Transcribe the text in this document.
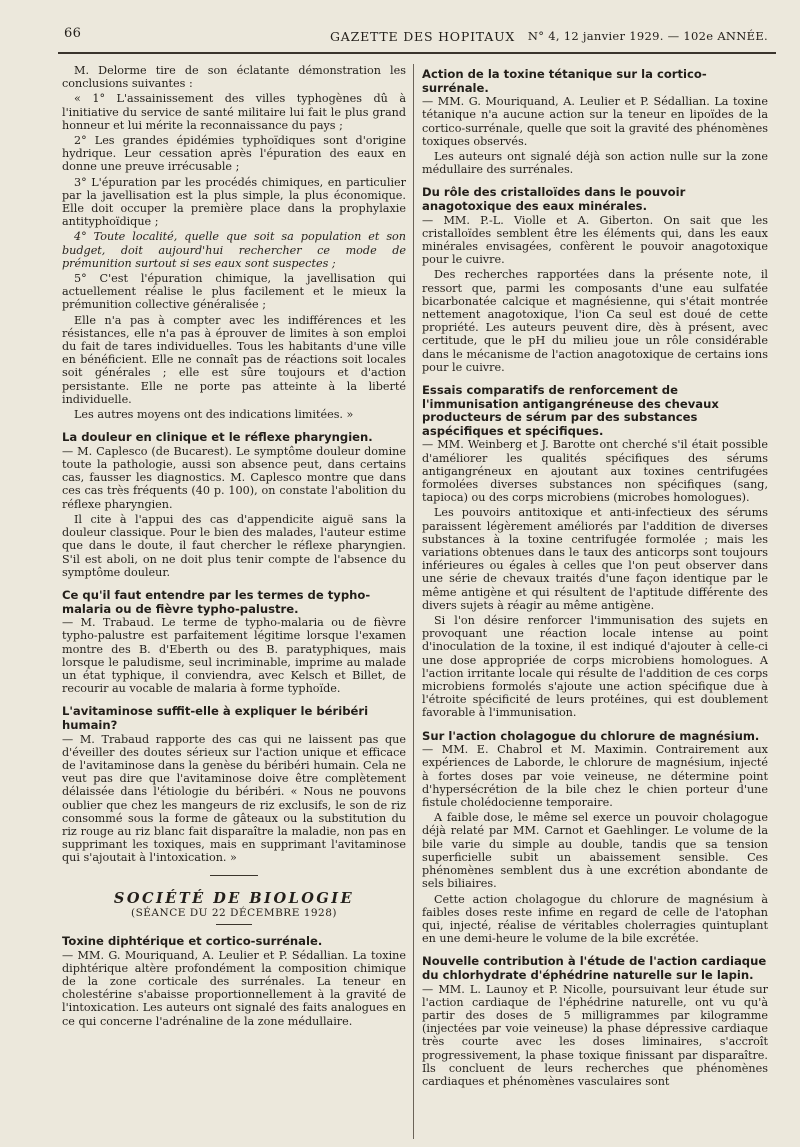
66	GAZETTE DES HOPITAUX N° 4, 12 janvier 1929. — 102e ANNÉE.

M. Delorme tire de son éclatante démonstration les conclusions suivantes :

« 1° L'assainissement des villes typhogènes dû à l'initiative du service de santé militaire lui fait le plus grand honneur et lui mérite la reconnaissance du pays ;

2° Les grandes épidémies typhoïdiques sont d'origine hydrique. Leur cessation après l'épuration des eaux en donne une preuve irrécusable ;

3° L'épuration par les procédés chimiques, en particulier par la javellisation est la plus simple, la plus économique. Elle doit occuper la première place dans la prophylaxie antityphoïdique ;

4° Toute localité, quelle que soit sa population et son budget, doit aujourd'hui rechercher ce mode de prémunition surtout si ses eaux sont suspectes ;

5° C'est l'épuration chimique, la javellisation qui actuellement réalise le plus facilement et le mieux la prémunition collective généralisée ;

Elle n'a pas à compter avec les indifférences et les résistances, elle n'a pas à éprouver de limites à son emploi du fait de tares individuelles. Tous les habitants d'une ville en bénéficient. Elle ne connaît pas de réactions soit locales soit générales ; elle est sûre toujours et d'action persistante. Elle ne porte pas atteinte à la liberté individuelle.

Les autres moyens ont des indications limitées. »

La douleur en clinique et le réflexe pharyngien.

— M. Caplesco (de Bucarest). Le symptôme douleur domine toute la pathologie, aussi son absence peut, dans certains cas, fausser les diagnostics. M. Caplesco montre que dans ces cas très fréquents (40 p. 100), on constate l'abolition du réflexe pharyngien.

Il cite à l'appui des cas d'appendicite aiguë sans la douleur classique. Pour le bien des malades, l'auteur estime que dans le doute, il faut chercher le réflexe pharyngien. S'il est aboli, on ne doit plus tenir compte de l'absence du symptôme douleur.

Ce qu'il faut entendre par les termes de typho-malaria ou de fièvre typho-palustre.

— M. Trabaud. Le terme de typho-malaria ou de fièvre typho-palustre est parfaitement légitime lorsque l'examen montre des B. d'Eberth ou des B. paratyphiques, mais lorsque le paludisme, seul incriminable, imprime au malade un état typhique, il conviendra, avec Kelsch et Billet, de recourir au vocable de malaria à forme typhoïde.

L'avitaminose suffit-elle à expliquer le béribéri humain?

— M. Trabaud rapporte des cas qui ne laissent pas que d'éveiller des doutes sérieux sur l'action unique et efficace de l'avitaminose dans la genèse du béribéri humain. Cela ne veut pas dire que l'avitaminose doive être complètement délaissée dans l'étiologie du béribéri. « Nous ne pouvons oublier que chez les mangeurs de riz exclusifs, le son de riz consommé sous la forme de gâteaux ou la substitution du riz rouge au riz blanc fait disparaître la maladie, non pas en supprimant les toxiques, mais en supprimant l'avitaminose qui s'ajoutait à l'intoxication. »

SOCIÉTÉ DE BIOLOGIE
(SÉANCE DU 22 DÉCEMBRE 1928)
Toxine diphtérique et cortico-surrénale.

— MM. G. Mouriquand, A. Leulier et P. Sédallian. La toxine diphtérique altère profondément la composition chimique de la zone corticale des surrénales. La teneur en cholestérine s'abaisse proportionnellement à la gravité de l'intoxication. Les auteurs ont signalé des faits analogues en ce qui concerne l'adrénaline de la zone médullaire.

Action de la toxine tétanique sur la cortico-surrénale.

— MM. G. Mouriquand, A. Leulier et P. Sédallian. La toxine tétanique n'a aucune action sur la teneur en lipoïdes de la cortico-surrénale, quelle que soit la gravité des phénomènes toxiques observés.

Les auteurs ont signalé déjà son action nulle sur la zone médullaire des surrénales.

Du rôle des cristalloïdes dans le pouvoir anagotoxique des eaux minérales.

— MM. P.-L. Violle et A. Giberton. On sait que les cristalloïdes semblent être les éléments qui, dans les eaux minérales envisagées, confèrent le pouvoir anagotoxique pour le cuivre.

Des recherches rapportées dans la présente note, il ressort que, parmi les composants d'une eau sulfatée bicarbonatée calcique et magnésienne, qui s'était montrée nettement anagotoxique, l'ion Ca seul est doué de cette propriété. Les auteurs peuvent dire, dès à présent, avec certitude, que le pH du milieu joue un rôle considérable dans le mécanisme de l'action anagotoxique de certains ions pour le cuivre.

Essais comparatifs de renforcement de l'immunisation antigangréneuse des chevaux producteurs de sérum par des substances aspécifiques et spécifiques.

— MM. Weinberg et J. Barotte ont cherché s'il était possible d'améliorer les qualités spécifiques des sérums antigangréneux en ajoutant aux toxines centrifugées formolées diverses substances non spécifiques (sang, tapioca) ou des corps microbiens (microbes homologues).

Les pouvoirs antitoxique et anti-infectieux des sérums paraissent légèrement améliorés par l'addition de diverses substances à la toxine centrifugée formolée ; mais les variations obtenues dans le taux des anticorps sont toujours inférieures ou égales à celles que l'on peut observer dans une série de chevaux traités d'une façon identique par le même antigène et qui résultent de l'aptitude différente des divers sujets à réagir au même antigène.

Si l'on désire renforcer l'immunisation des sujets en provoquant une réaction locale intense au point d'inoculation de la toxine, il est indiqué d'ajouter à celle-ci une dose appropriée de corps microbiens homologues. A l'action irritante locale qui résulte de l'addition de ces corps microbiens formolés s'ajoute une action spécifique due à l'étroite spécificité de leurs protéines, qui est doublement favorable à l'immunisation.

Sur l'action cholagogue du chlorure de magnésium.

— MM. E. Chabrol et M. Maximin. Contrairement aux expériences de Laborde, le chlorure de magnésium, injecté à fortes doses par voie veineuse, ne détermine point d'hypersécrétion de la bile chez le chien porteur d'une fistule cholédocienne temporaire.

A faible dose, le même sel exerce un pouvoir cholagogue déjà relaté par MM. Carnot et Gaehlinger. Le volume de la bile varie du simple au double, tandis que sa tension superficielle subit un abaissement sensible. Ces phénomènes semblent dus à une excrétion abondante de sels biliaires.

Cette action cholagogue du chlorure de magnésium à faibles doses reste infime en regard de celle de l'atophan qui, injecté, réalise de véritables cholerragies quintuplant en une demi-heure le volume de la bile excrétée.

Nouvelle contribution à l'étude de l'action cardiaque du chlorhydrate d'éphédrine naturelle sur le lapin.

— MM. L. Launoy et P. Nicolle, poursuivant leur étude sur l'action cardiaque de l'éphédrine naturelle, ont vu qu'à partir des doses de 5 milligrammes par kilogramme (injectées par voie veineuse) la phase dépressive cardiaque très courte avec les doses liminaires, s'accroît progressivement, la phase toxique finissant par disparaître. Ils concluent de leurs recherches que phénomènes cardiaques et phénomènes vasculaires sont
